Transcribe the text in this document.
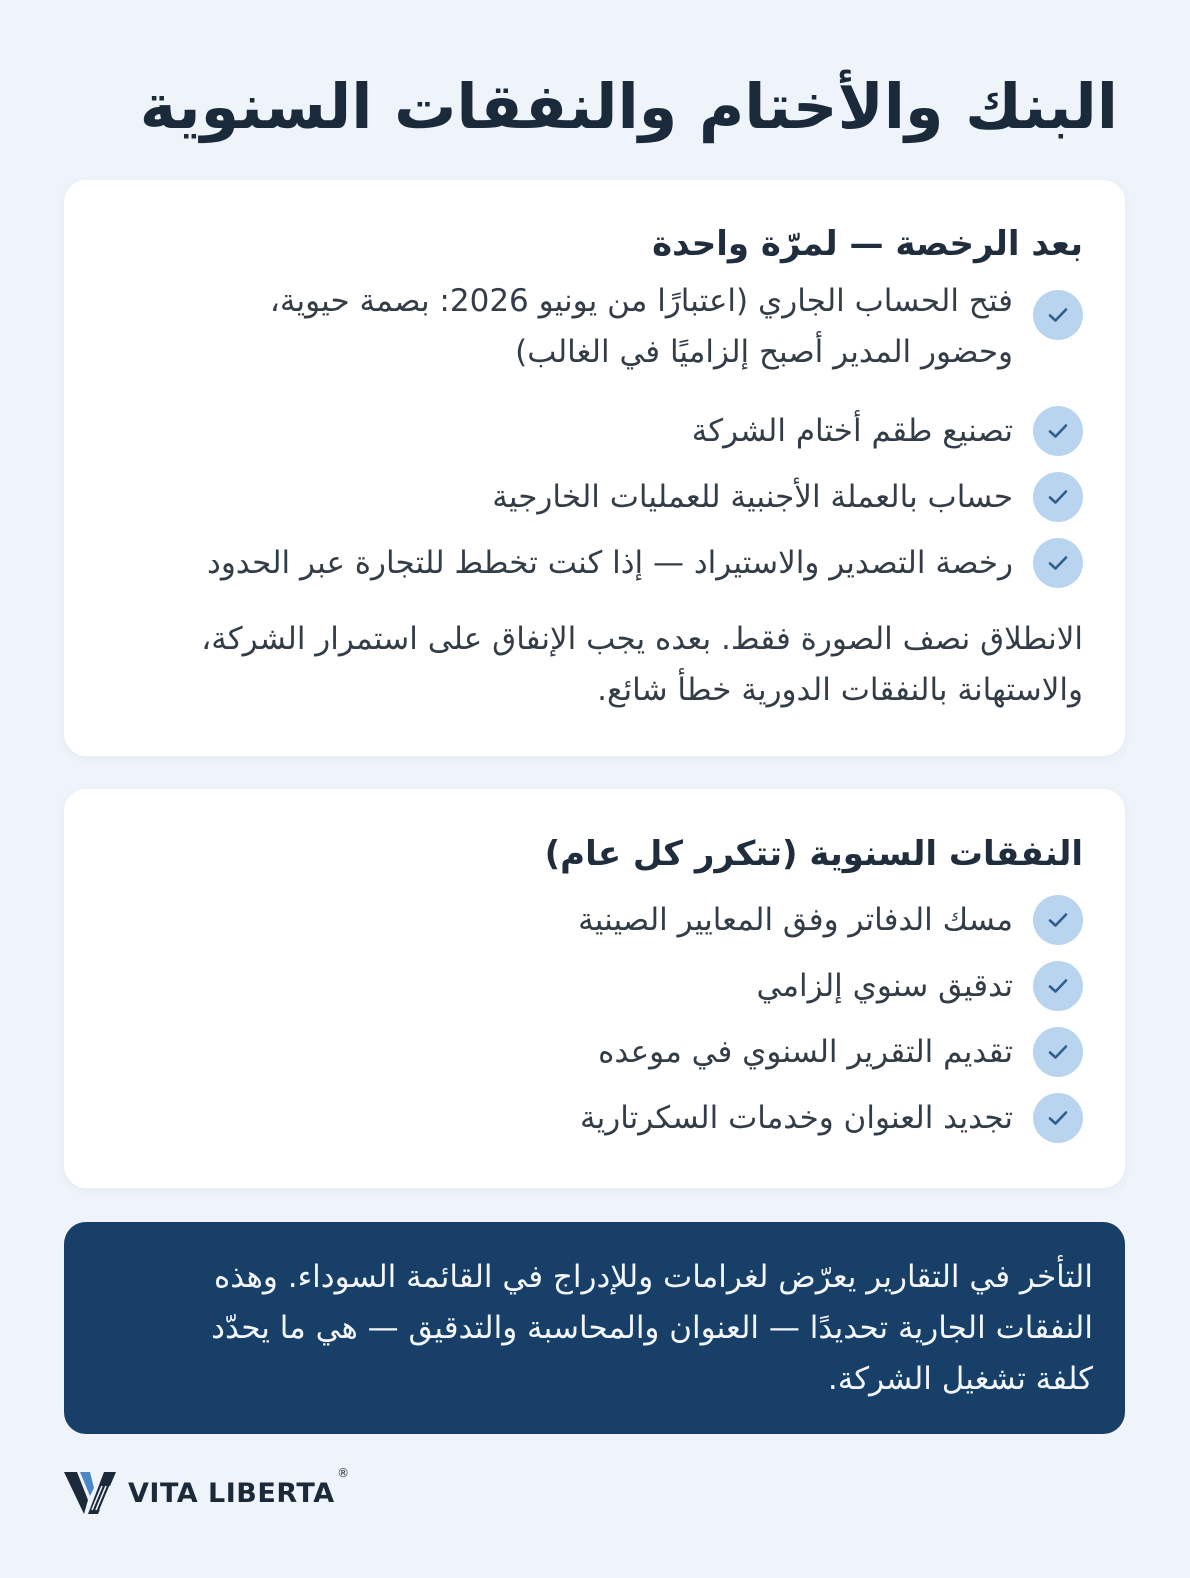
البنك والأختام والنفقات السنوية
بعد الرخصة — لمرّة واحدة
فتح الحساب الجاري (اعتبارًا من يونيو 2026: بصمة حيوية،
وحضور المدير أصبح إلزاميًا في الغالب)
تصنيع طقم أختام الشركة
حساب بالعملة الأجنبية للعمليات الخارجية
رخصة التصدير والاستيراد — إذا كنت تخطط للتجارة عبر الحدود

الانطلاق نصف الصورة فقط. بعده يجب الإنفاق على استمرار الشركة،
والاستهانة بالنفقات الدورية خطأ شائع.

النفقات السنوية (تتكرر كل عام)
مسك الدفاتر وفق المعايير الصينية
تدقيق سنوي إلزامي
تقديم التقرير السنوي في موعده
تجديد العنوان وخدمات السكرتارية

التأخر في التقارير يعرّض لغرامات وللإدراج في القائمة السوداء. وهذه
النفقات الجارية تحديدًا — العنوان والمحاسبة والتدقيق — هي ما يحدّد
كلفة تشغيل الشركة.

VITA LIBERTA
®
